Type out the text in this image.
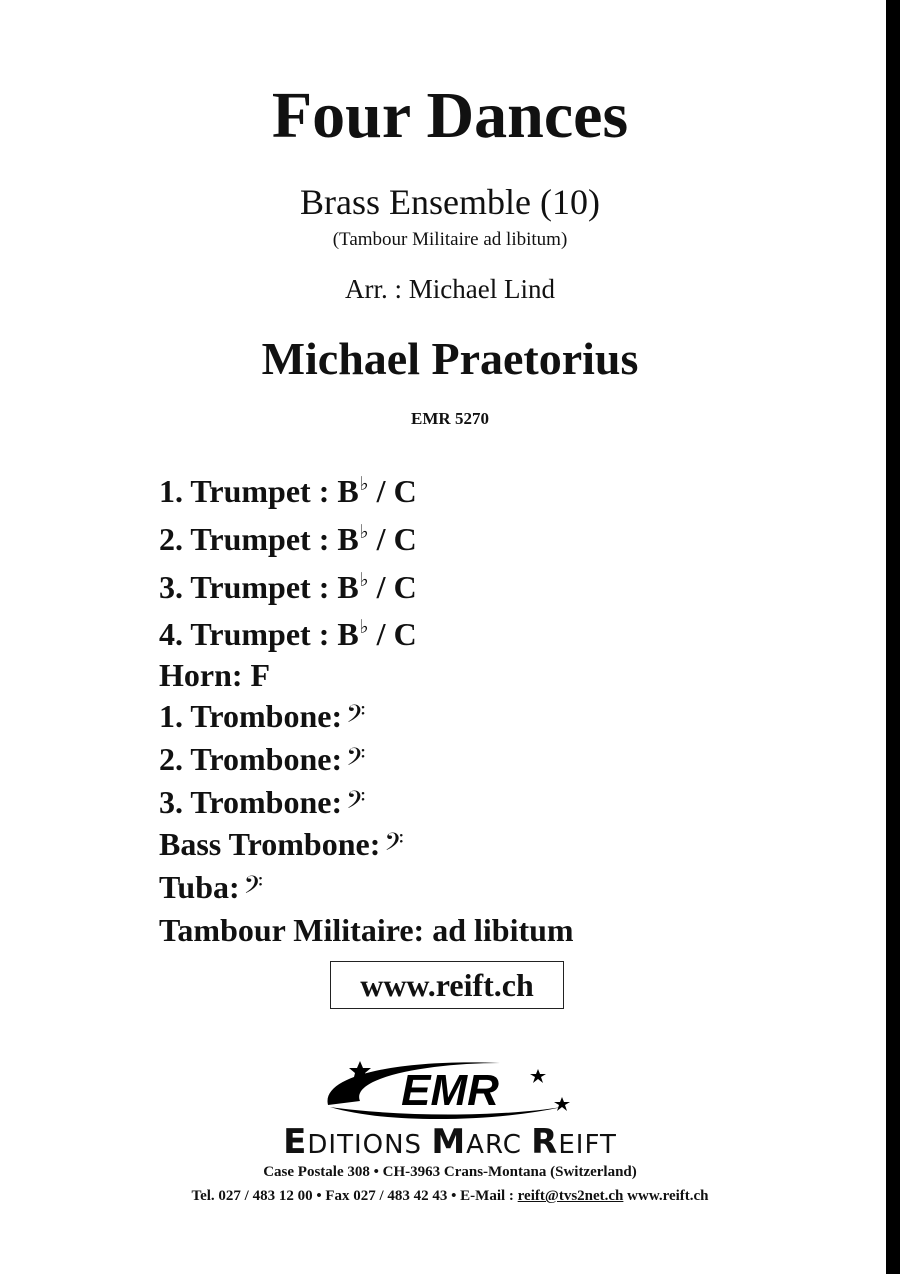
Four Dances
Brass Ensemble (10)
(Tambour Militaire ad libitum)
Arr. : Michael Lind
Michael Praetorius
EMR 5270
1. Trumpet : B♭ / C
2. Trumpet : B♭ / C
3. Trumpet : B♭ / C
4. Trumpet : B♭ / C
Horn: F
1. Trombone: 𝄢
2. Trombone: 𝄢
3. Trombone: 𝄢
Bass Trombone: 𝄢
Tuba: 𝄢
Tambour Militaire: ad libitum
www.reift.ch
EMR
EDITIONS MARC REIFT
Case Postale 308 • CH-3963 Crans-Montana (Switzerland)
Tel. 027 / 483 12 00 • Fax 027 / 483 42 43 • E-Mail : reift@tvs2net.ch www.reift.ch
